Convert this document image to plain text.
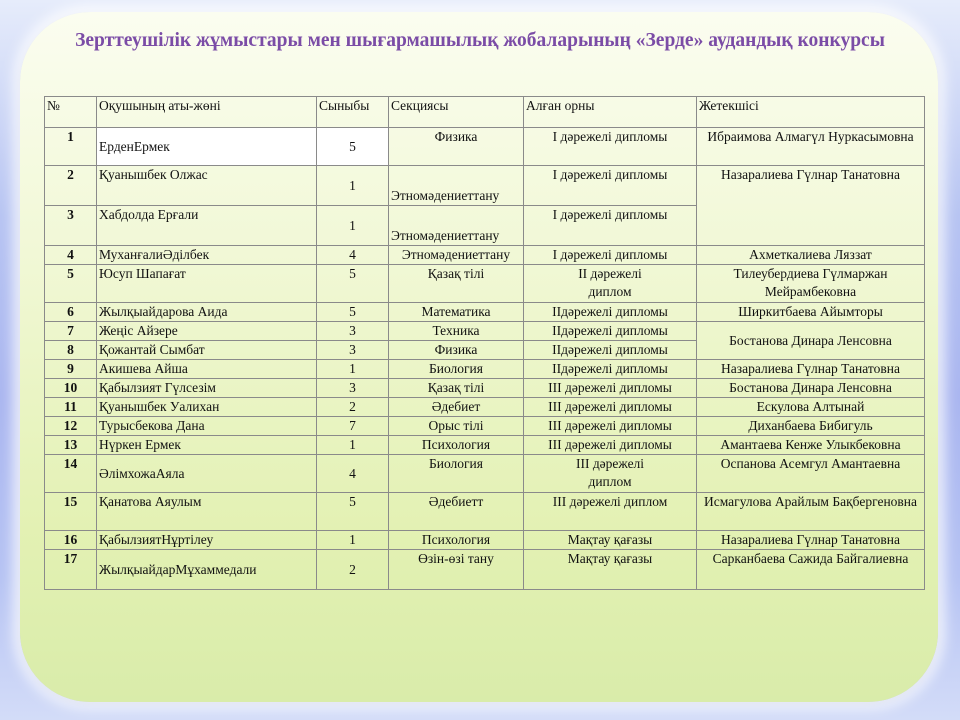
Зерттеушілік жұмыстары мен шығармашылық жобаларының «Зерде» аудандық конкурсы
№	Оқушының аты-жөні	Сыныбы	Секциясы	Алған орны	Жетекшісі
1	ЕрденЕрмек	5	Физика	I дәрежелі дипломы	Ибраимова Алмагүл Нуркасымовна
2	Қуанышбек Олжас	1	Этномәдениеттану	I дәрежелі дипломы	Назаралиева Гүлнар Танатовна
3	Хабдолда Ерғали	1	Этномәдениеттану	I дәрежелі дипломы	
4	МуханғалиӘділбек	4	Этномәдениеттану	I дәрежелі дипломы	Ахметкалиева Ляззат
5	Юсуп Шапағат	5	Қазақ тілі	II дәрежелі диплом	Тилеубердиева Гүлмаржан Мейрамбековна
6	Жылқыайдарова Аида	5	Математика	IIдәрежелі дипломы	Ширкитбаева Айымторы
7	Жеңіс Айзере	3	Техника	IIдәрежелі дипломы	Бостанова Динара Ленсовна
8	Қожантай Сымбат	3	Физика	IIдәрежелі дипломы	
9	Акишева Айша	1	Биология	IIдәрежелі дипломы	Назаралиева Гүлнар Танатовна
10	Қабылзият Гүлсезім	3	Қазақ тілі	III дәрежелі дипломы	Бостанова Динара Ленсовна
11	Қуанышбек Уалихан	2	Әдебиет	III дәрежелі дипломы	Ескулова Алтынай
12	Турысбекова Дана	7	Орыс тілі	III дәрежелі дипломы	Диханбаева Бибигуль
13	Нүркен Ермек	1	Психология	III дәрежелі дипломы	Амантаева Кенже Улыкбековна
14	ӘлімхожаАяла	4	Биология	III дәрежелі диплом	Оспанова Асемгул Амантаевна
15	Қанатова Аяулым	5	Әдебиетт	III дәрежелі диплом	Исмагулова Арайлым Бақбергеновна
16	ҚабылзиятНұртілеу	1	Психология	Мақтау қағазы	Назаралиева Гүлнар Танатовна
17	ЖылқыайдарМұхаммедали	2	Өзін-өзі тану	Мақтау қағазы	Сарканбаева Сажида Байгалиевна
